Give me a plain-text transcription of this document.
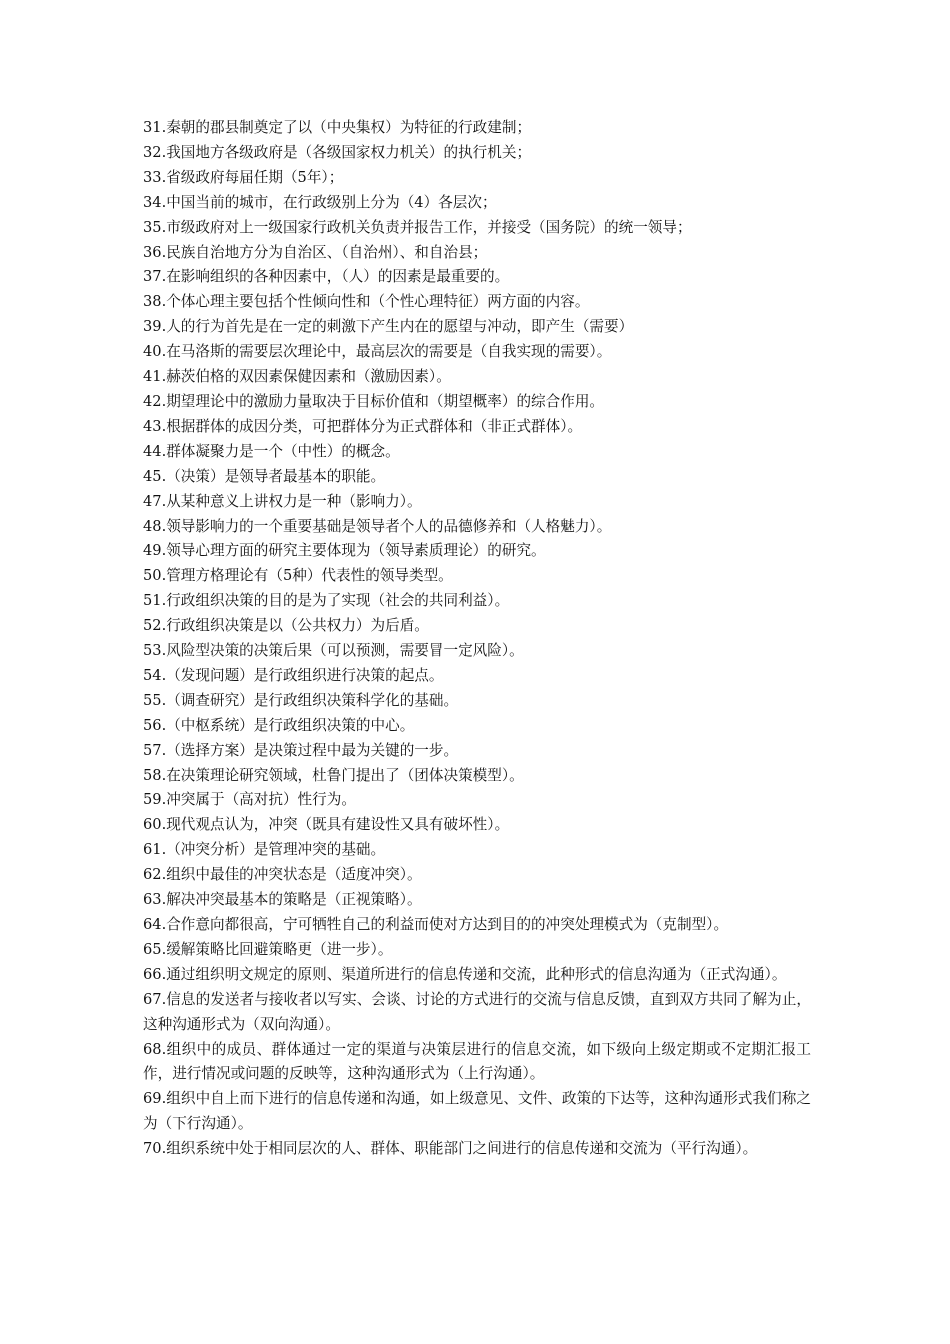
31.秦朝的郡县制奠定了以（中央集权）为特征的行政建制；

32.我国地方各级政府是（各级国家权力机关）的执行机关；

33.省级政府每届任期（5年）；

34.中国当前的城市，在行政级别上分为（4）各层次；

35.市级政府对上一级国家行政机关负责并报告工作，并接受（国务院）的统一领导；

36.民族自治地方分为自治区、（自治州）、和自治县；

37.在影响组织的各种因素中，（人）的因素是最重要的。

38.个体心理主要包括个性倾向性和（个性心理特征）两方面的内容。

39.人的行为首先是在一定的刺激下产生内在的愿望与冲动，即产生（需要）

40.在马洛斯的需要层次理论中，最高层次的需要是（自我实现的需要）。

41.赫茨伯格的双因素保健因素和（激励因素）。

42.期望理论中的激励力量取决于目标价值和（期望概率）的综合作用。

43.根据群体的成因分类，可把群体分为正式群体和（非正式群体）。

44.群体凝聚力是一个（中性）的概念。

45.（决策）是领导者最基本的职能。

47.从某种意义上讲权力是一种（影响力）。

48.领导影响力的一个重要基础是领导者个人的品德修养和（人格魅力）。

49.领导心理方面的研究主要体现为（领导素质理论）的研究。

50.管理方格理论有（5种）代表性的领导类型。

51.行政组织决策的目的是为了实现（社会的共同利益）。

52.行政组织决策是以（公共权力）为后盾。

53.风险型决策的决策后果（可以预测，需要冒一定风险）。

54.（发现问题）是行政组织进行决策的起点。

55.（调查研究）是行政组织决策科学化的基础。

56.（中枢系统）是行政组织决策的中心。

57.（选择方案）是决策过程中最为关键的一步。

58.在决策理论研究领域，杜鲁门提出了（团体决策模型）。

59.冲突属于（高对抗）性行为。

60.现代观点认为，冲突（既具有建设性又具有破坏性）。

61.（冲突分析）是管理冲突的基础。

62.组织中最佳的冲突状态是（适度冲突）。

63.解决冲突最基本的策略是（正视策略）。

64.合作意向都很高，宁可牺牲自己的利益而使对方达到目的的冲突处理模式为（克制型）。

65.缓解策略比回避策略更（进一步）。

66.通过组织明文规定的原则、渠道所进行的信息传递和交流，此种形式的信息沟通为（正式沟通）。

67.信息的发送者与接收者以写实、会谈、讨论的方式进行的交流与信息反馈，直到双方共同了解为止，这种沟通形式为（双向沟通）。

68.组织中的成员、群体通过一定的渠道与决策层进行的信息交流，如下级向上级定期或不定期汇报工作，进行情况或问题的反映等，这种沟通形式为（上行沟通）。

69.组织中自上而下进行的信息传递和沟通，如上级意见、文件、政策的下达等，这种沟通形式我们称之为（下行沟通）。

70.组织系统中处于相同层次的人、群体、职能部门之间进行的信息传递和交流为（平行沟通）。
